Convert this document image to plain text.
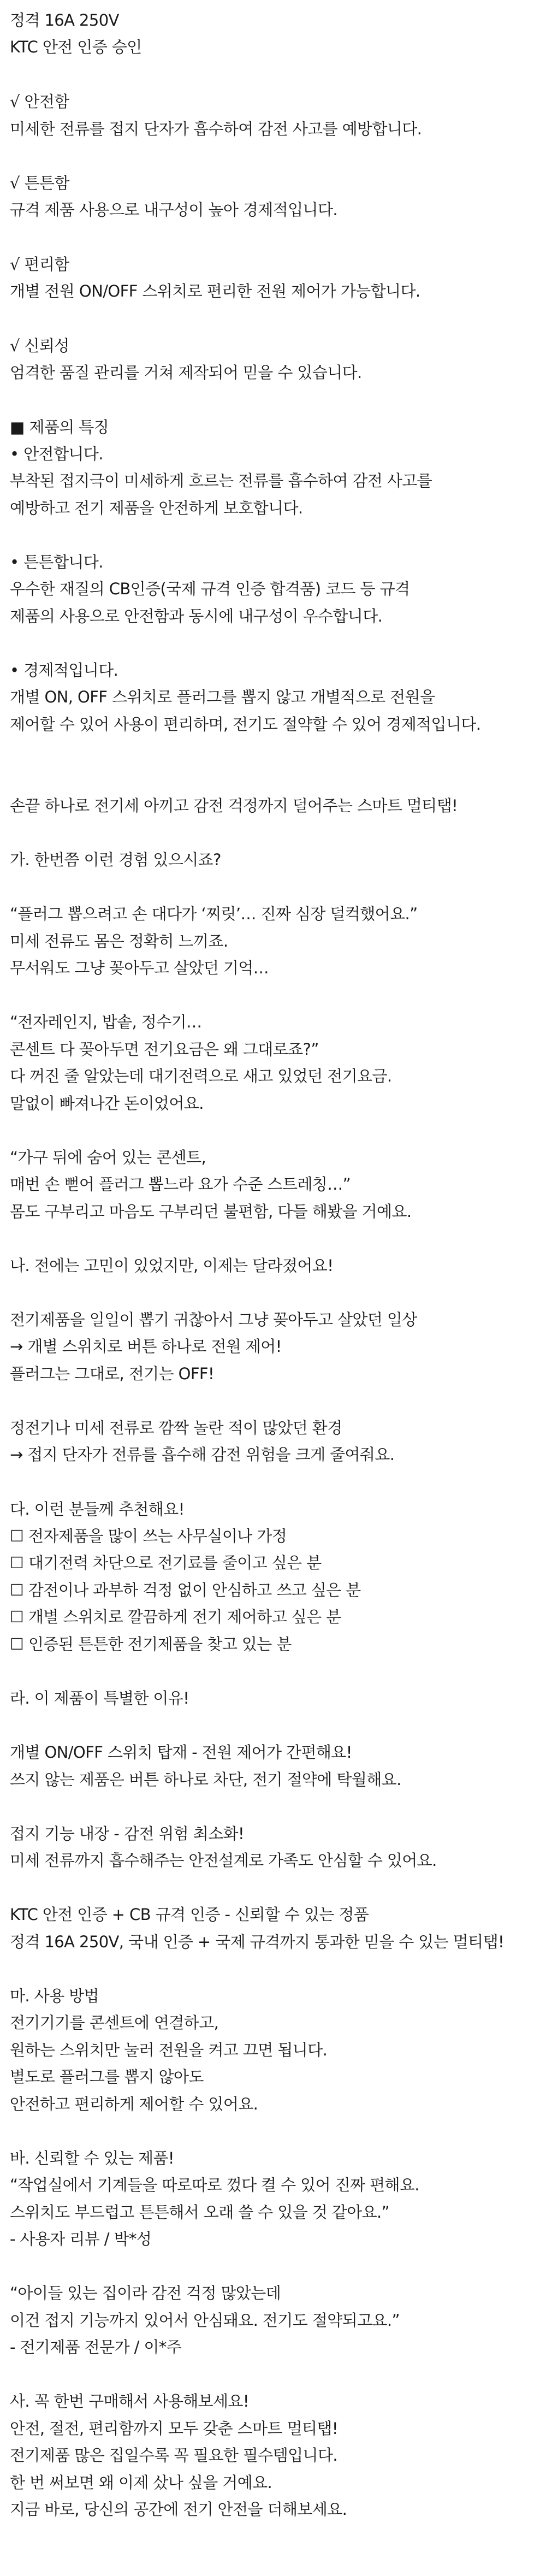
정격 16A 250V

KTC 안전 인증 승인

√ 안전함

미세한 전류를 접지 단자가 흡수하여 감전 사고를 예방합니다.

√ 튼튼함

규격 제품 사용으로 내구성이 높아 경제적입니다.

√ 편리함

개별 전원 ON/OFF 스위치로 편리한 전원 제어가 가능합니다.

√ 신뢰성

엄격한 품질 관리를 거쳐 제작되어 믿을 수 있습니다.

■ 제품의 특징

• 안전합니다.

부착된 접지극이 미세하게 흐르는 전류를 흡수하여 감전 사고를

예방하고 전기 제품을 안전하게 보호합니다.

• 튼튼합니다.

우수한 재질의 CB인증(국제 규격 인증 합격품) 코드 등 규격

제품의 사용으로 안전함과 동시에 내구성이 우수합니다.

• 경제적입니다.

개별 ON, OFF 스위치로 플러그를 뽑지 않고 개별적으로 전원을

제어할 수 있어 사용이 편리하며, 전기도 절약할 수 있어 경제적입니다.

손끝 하나로 전기세 아끼고 감전 걱정까지 덜어주는 스마트 멀티탭!

가. 한번쯤 이런 경험 있으시죠?

“플러그 뽑으려고 손 대다가 ‘찌릿’… 진짜 심장 덜컥했어요.”

미세 전류도 몸은 정확히 느끼죠.

무서워도 그냥 꽂아두고 살았던 기억…

“전자레인지, 밥솥, 정수기…

콘센트 다 꽂아두면 전기요금은 왜 그대로죠?”

다 꺼진 줄 알았는데 대기전력으로 새고 있었던 전기요금.

말없이 빠져나간 돈이었어요.

“가구 뒤에 숨어 있는 콘센트,

매번 손 뻗어 플러그 뽑느라 요가 수준 스트레칭…”

몸도 구부리고 마음도 구부리던 불편함, 다들 해봤을 거예요.

나. 전에는 고민이 있었지만, 이제는 달라졌어요!

전기제품을 일일이 뽑기 귀찮아서 그냥 꽂아두고 살았던 일상

→ 개별 스위치로 버튼 하나로 전원 제어!

플러그는 그대로, 전기는 OFF!

정전기나 미세 전류로 깜짝 놀란 적이 많았던 환경

→ 접지 단자가 전류를 흡수해 감전 위험을 크게 줄여줘요.

다. 이런 분들께 추천해요!

☐ 전자제품을 많이 쓰는 사무실이나 가정

☐ 대기전력 차단으로 전기료를 줄이고 싶은 분

☐ 감전이나 과부하 걱정 없이 안심하고 쓰고 싶은 분

☐ 개별 스위치로 깔끔하게 전기 제어하고 싶은 분

☐ 인증된 튼튼한 전기제품을 찾고 있는 분

라. 이 제품이 특별한 이유!

개별 ON/OFF 스위치 탑재 - 전원 제어가 간편해요!

쓰지 않는 제품은 버튼 하나로 차단, 전기 절약에 탁월해요.

접지 기능 내장 - 감전 위험 최소화!

미세 전류까지 흡수해주는 안전설계로 가족도 안심할 수 있어요.

KTC 안전 인증 + CB 규격 인증 - 신뢰할 수 있는 정품

정격 16A 250V, 국내 인증 + 국제 규격까지 통과한 믿을 수 있는 멀티탭!

마. 사용 방법

전기기기를 콘센트에 연결하고,

원하는 스위치만 눌러 전원을 켜고 끄면 됩니다.

별도로 플러그를 뽑지 않아도

안전하고 편리하게 제어할 수 있어요.

바. 신뢰할 수 있는 제품!

“작업실에서 기계들을 따로따로 껐다 켤 수 있어 진짜 편해요.

스위치도 부드럽고 튼튼해서 오래 쓸 수 있을 것 같아요.”

- 사용자 리뷰 / 박*성

“아이들 있는 집이라 감전 걱정 많았는데

이건 접지 기능까지 있어서 안심돼요. 전기도 절약되고요.”

- 전기제품 전문가 / 이*주

사. 꼭 한번 구매해서 사용해보세요!

안전, 절전, 편리함까지 모두 갖춘 스마트 멀티탭!

전기제품 많은 집일수록 꼭 필요한 필수템입니다.

한 번 써보면 왜 이제 샀나 싶을 거예요.

지금 바로, 당신의 공간에 전기 안전을 더해보세요.
